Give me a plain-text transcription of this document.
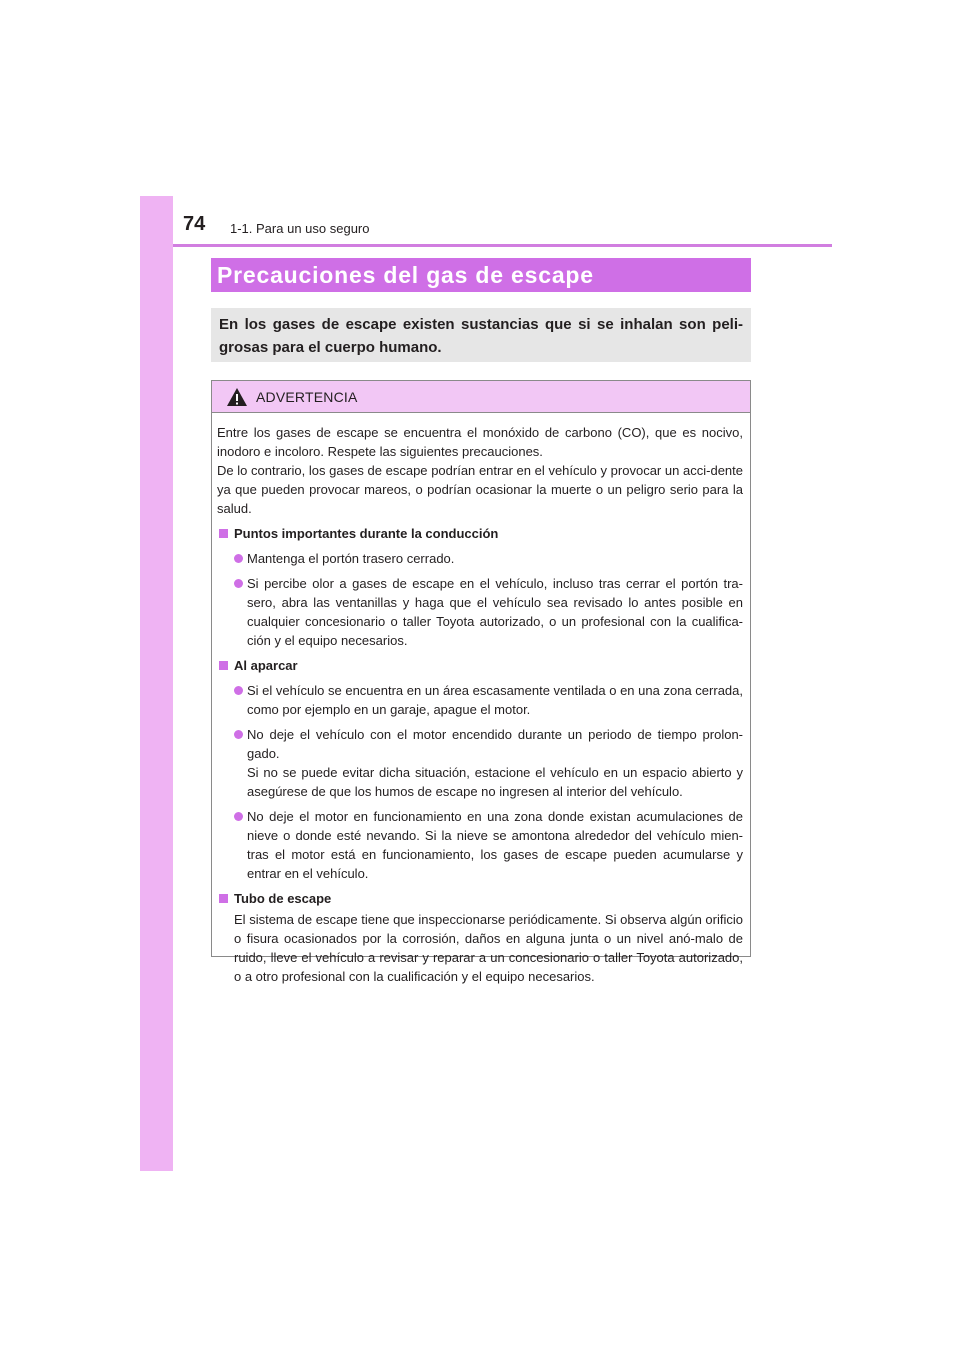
74 1-1. Para un uso seguro
Precauciones del gas de escape
En los gases de escape existen sustancias que si se inhalan son peli-grosas para el cuerpo humano.
ADVERTENCIA
Entre los gases de escape se encuentra el monóxido de carbono (CO), que es nocivo, inodoro e incoloro. Respete las siguientes precauciones.
De lo contrario, los gases de escape podrían entrar en el vehículo y provocar un acci-dente ya que pueden provocar mareos, o podrían ocasionar la muerte o un peligro serio para la salud.
Puntos importantes durante la conducción
Mantenga el portón trasero cerrado.
Si percibe olor a gases de escape en el vehículo, incluso tras cerrar el portón tra-sero, abra las ventanillas y haga que el vehículo sea revisado lo antes posible en cualquier concesionario o taller Toyota autorizado, o un profesional con la cualifica-ción y el equipo necesarios.
Al aparcar
Si el vehículo se encuentra en un área escasamente ventilada o en una zona cerrada, como por ejemplo en un garaje, apague el motor.
No deje el vehículo con el motor encendido durante un periodo de tiempo prolon-gado.
Si no se puede evitar dicha situación, estacione el vehículo en un espacio abierto y asegúrese de que los humos de escape no ingresen al interior del vehículo.
No deje el motor en funcionamiento en una zona donde existan acumulaciones de nieve o donde esté nevando. Si la nieve se amontona alrededor del vehículo mien-tras el motor está en funcionamiento, los gases de escape pueden acumularse y entrar en el vehículo.
Tubo de escape
El sistema de escape tiene que inspeccionarse periódicamente. Si observa algún orificio o fisura ocasionados por la corrosión, daños en alguna junta o un nivel anó-malo de ruido, lleve el vehículo a revisar y reparar a un concesionario o taller Toyota autorizado, o a otro profesional con la cualificación y el equipo necesarios.
